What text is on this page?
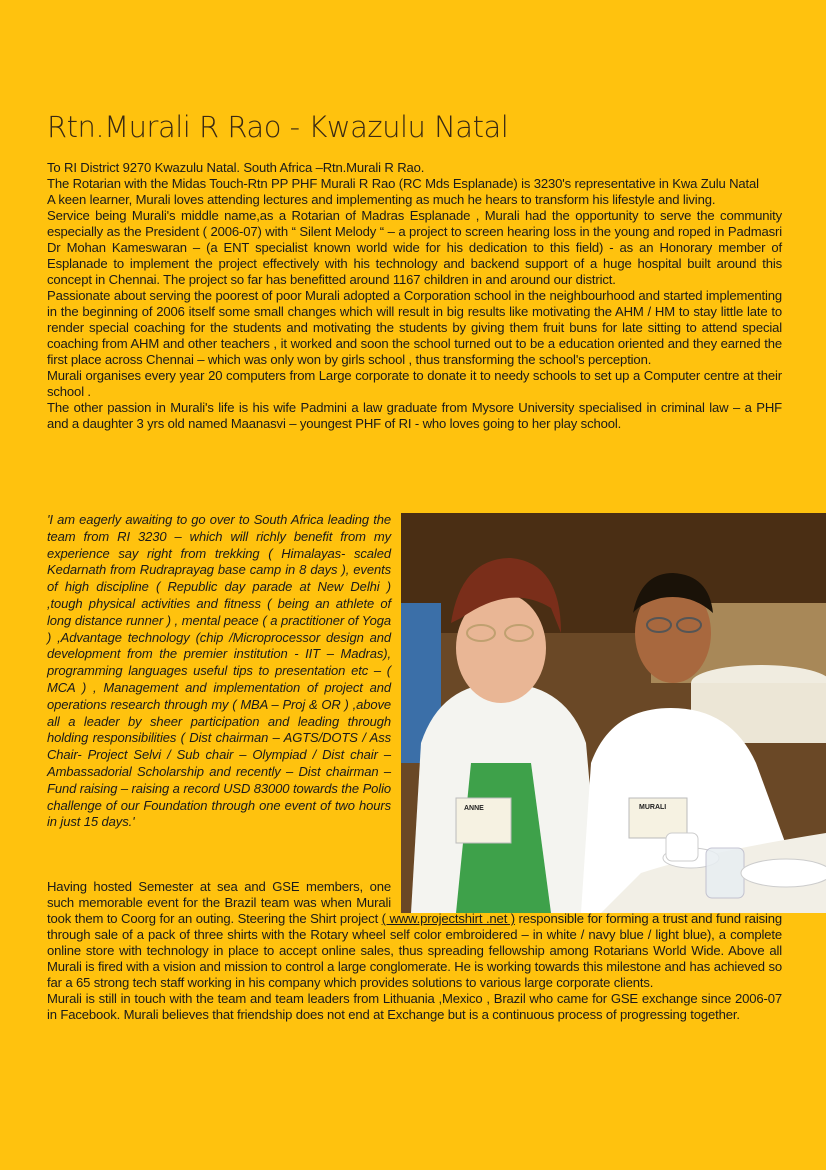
Rtn.Murali R Rao - Kwazulu Natal

To RI District 9270 Kwazulu Natal. South Africa –Rtn.Murali R Rao.

The Rotarian with the Midas Touch-Rtn PP PHF Murali R Rao (RC Mds Esplanade) is 3230's representative in Kwa Zulu Natal

A keen learner, Murali loves attending lectures and implementing as much he hears to transform his lifestyle and living.

Service being Murali's middle name,as a Rotarian of Madras Esplanade , Murali had the opportunity to serve the community especially as the President ( 2006-07) with “ Silent Melody “ – a project to screen hearing loss in the young and roped in Padmasri Dr Mohan Kameswaran – (a ENT specialist known world wide for his dedication to this field) - as an Honorary member of Esplanade to implement the project effectively with his technology and backend support of a huge hospital built around this concept in Chennai. The project so far has benefitted around 1167 children in and around our district.

Passionate about serving the poorest of poor Murali adopted a Corporation school in the neighbourhood and started implementing in the beginning of 2006 itself some small changes which will result in big results like motivating the AHM / HM to stay little late to render special coaching for the students and motivating the students by giving them fruit buns for late sitting to attend special coaching from AHM and other teachers , it worked and soon the school turned out to be a education oriented and they earned the first place across Chennai – which was only won by girls school , thus transforming the school's perception.

Murali organises every year 20 computers from Large corporate to donate it to needy schools to set up a Computer centre at their school .

The other passion in Murali's life is his wife Padmini a law graduate from Mysore University specialised in criminal law – a PHF and a daughter 3 yrs old named Maanasvi – youngest PHF of RI - who loves going to her play school.

'I am eagerly awaiting to go over to South Africa leading the team from RI 3230 – which will richly benefit from my experience say right from trekking ( Himalayas- scaled Kedarnath from Rudraprayag base camp in 8 days ), events of high discipline ( Republic day parade at New Delhi ) ,tough physical activities and fitness ( being an athlete of long distance runner ) , mental peace ( a practitioner of Yoga ) ,Advantage technology (chip /Microprocessor design and development from the premier institution - IIT – Madras), programming languages useful tips to presentation etc – ( MCA ) , Management and implementation of project and operations research through my ( MBA – Proj & OR ) ,above all a leader by sheer participation and leading through holding responsibilities ( Dist chairman – AGTS/DOTS / Ass Chair- Project Selvi / Sub chair – Olympiad / Dist chair – Ambassadorial Scholarship and recently – Dist chairman – Fund raising – raising a record USD 83000 towards the Polio challenge of our Foundation through one event of two hours in just 15 days.'

ANNE	MURALI

Having hosted Semester at sea and GSE members, one such memorable event for the Brazil team was when Murali took them to Coorg for an outing. Steering the Shirt project ( www.projectshirt .net ) responsible for forming a trust and fund raising through sale of a pack of three shirts with the Rotary wheel self color embroidered – in white / navy blue / light blue), a complete online store with technology in place to accept online sales, thus spreading fellowship among Rotarians World Wide. Above all Murali is fired with a vision and mission to control a large conglomerate. He is working towards this milestone and has achieved so far a 65 strong tech staff working in his company which provides solutions to various large corporate clients.

Murali is still in touch with the team and team leaders from Lithuania ,Mexico , Brazil who came for GSE exchange since 2006-07 in Facebook. Murali believes that friendship does not end at Exchange but is a continuous process of progressing together.
